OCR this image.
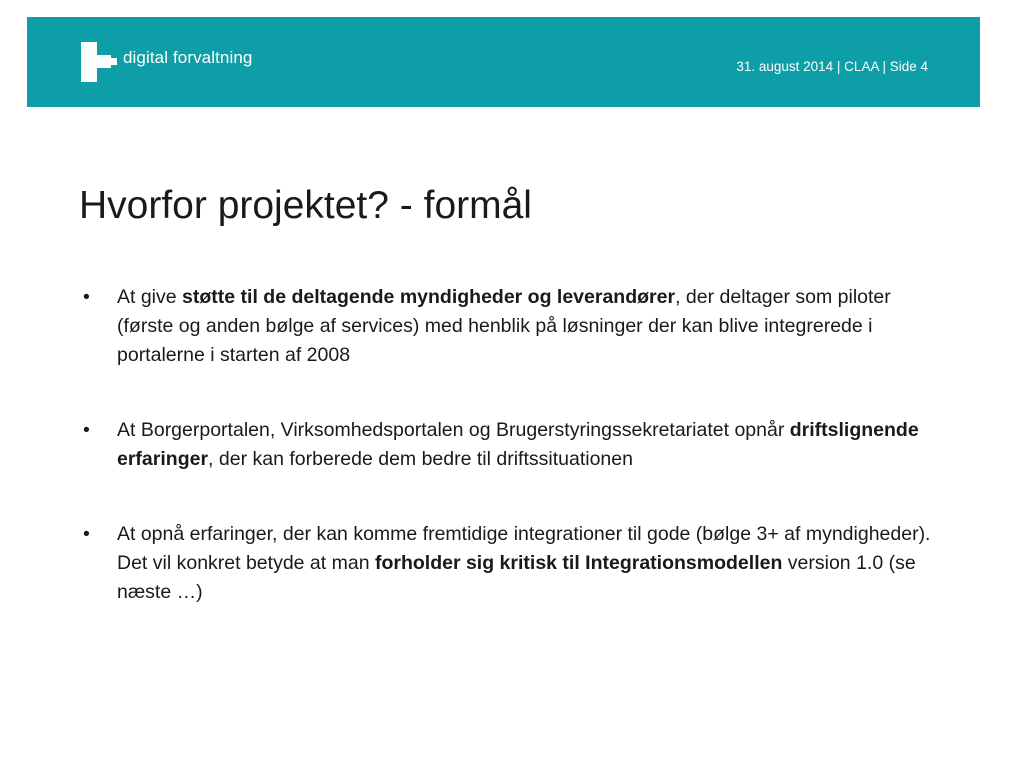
digital forvaltning	31. august 2014 | CLAA | Side 4
Hvorfor projektet? - formål
• At give støtte til de deltagende myndigheder og leverandører, der deltager som piloter (første og anden bølge af services) med henblik på løsninger der kan blive integrerede i portalerne i starten af 2008
• At Borgerportalen, Virksomhedsportalen og Brugerstyringssekretariatet opnår driftslignende erfaringer, der kan forberede dem bedre til driftssituationen
• At opnå erfaringer, der kan komme fremtidige integrationer til gode (bølge 3+ af myndigheder). Det vil konkret betyde at man forholder sig kritisk til Integrationsmodellen version 1.0 (se næste …)
